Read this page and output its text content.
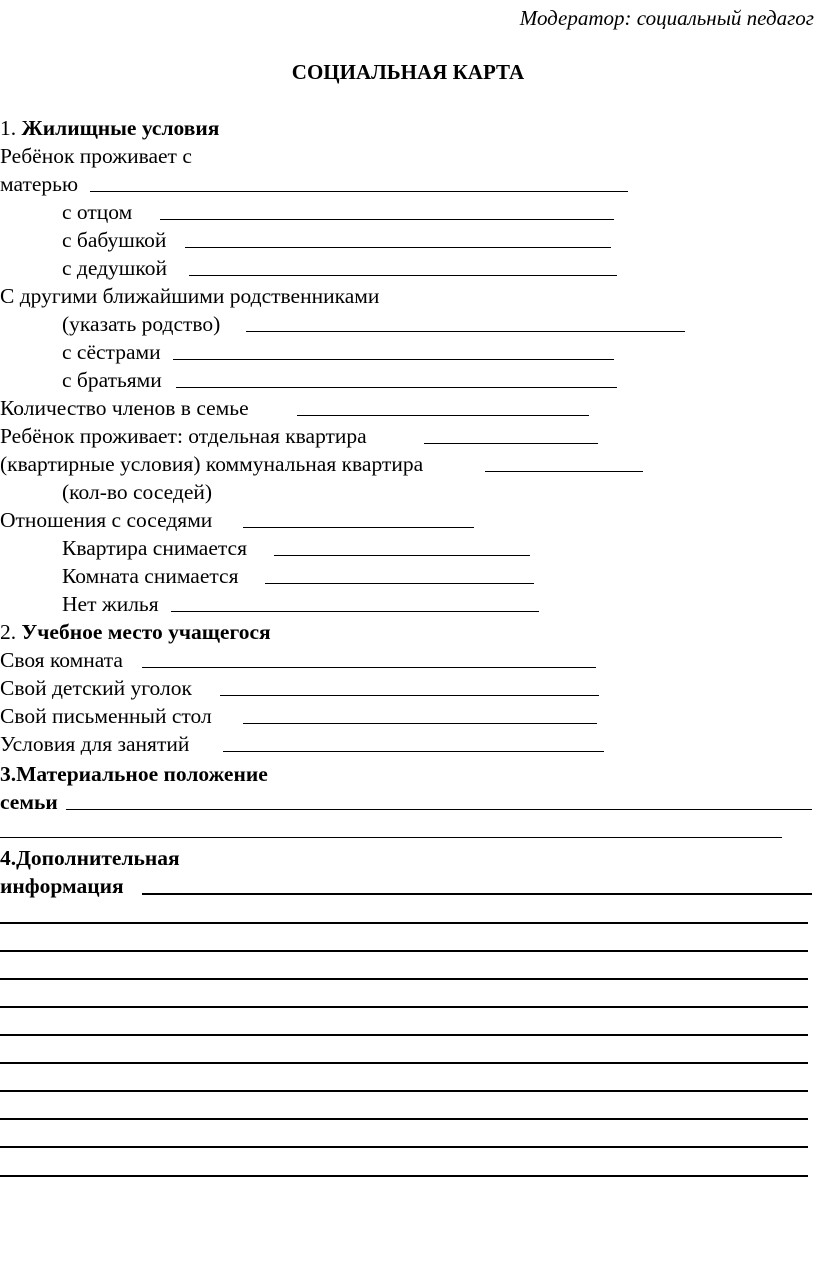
Модератор: социальный педагог
СОЦИАЛЬНАЯ КАРТА
1. Жилищные условия
Ребёнок проживает с
матерью
с отцом
с бабушкой
с дедушкой
С другими ближайшими родственниками
(указать родство)
с сёстрами
с братьями
Количество членов в семье
Ребёнок проживает: отдельная квартира
(квартирные условия) коммунальная квартира
(кол-во соседей)
Отношения с соседями
Квартира снимается
Комната снимается
Нет жилья
2. Учебное место учащегося
Своя комната
Свой детский уголок
Свой письменный стол
Условия для занятий
3.Материальное положение
семьи
4.Дополнительная
информация
